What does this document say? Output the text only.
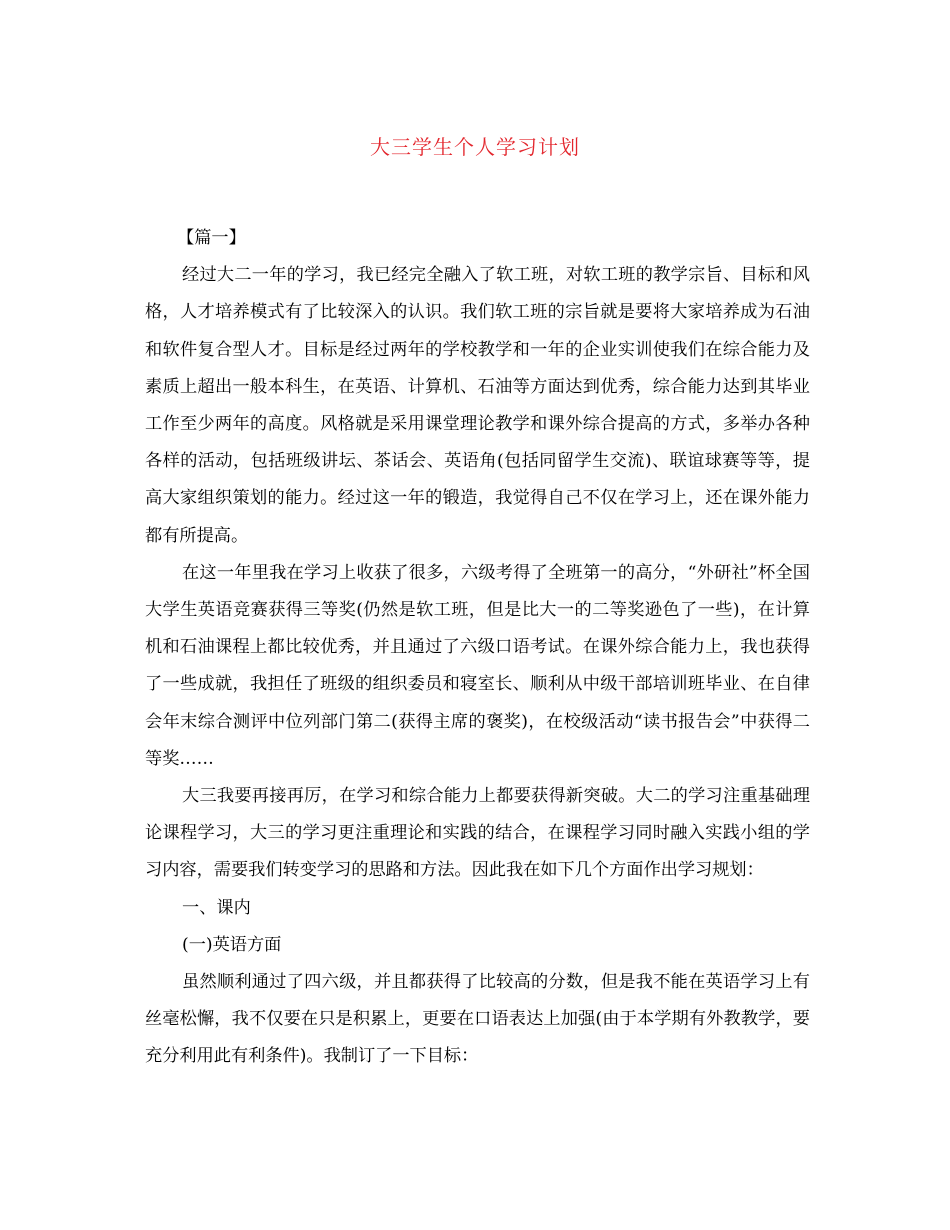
大三学生个人学习计划

【篇一】

经过大二一年的学习，我已经完全融入了软工班，对软工班的教学宗旨、目标和风格，人才培养模式有了比较深入的认识。我们软工班的宗旨就是要将大家培养成为石油和软件复合型人才。目标是经过两年的学校教学和一年的企业实训使我们在综合能力及素质上超出一般本科生，在英语、计算机、石油等方面达到优秀，综合能力达到其毕业工作至少两年的高度。风格就是采用课堂理论教学和课外综合提高的方式，多举办各种各样的活动，包括班级讲坛、茶话会、英语角(包括同留学生交流)、联谊球赛等等，提高大家组织策划的能力。经过这一年的锻造，我觉得自己不仅在学习上，还在课外能力都有所提高。

在这一年里我在学习上收获了很多，六级考得了全班第一的高分，“外研社”杯全国大学生英语竞赛获得三等奖(仍然是软工班，但是比大一的二等奖逊色了一些)，在计算机和石油课程上都比较优秀，并且通过了六级口语考试。在课外综合能力上，我也获得了一些成就，我担任了班级的组织委员和寝室长、顺利从中级干部培训班毕业、在自律会年末综合测评中位列部门第二(获得主席的褒奖)，在校级活动“读书报告会”中获得二等奖……

大三我要再接再厉，在学习和综合能力上都要获得新突破。大二的学习注重基础理论课程学习，大三的学习更注重理论和实践的结合，在课程学习同时融入实践小组的学习内容，需要我们转变学习的思路和方法。因此我在如下几个方面作出学习规划：

一、课内

(一)英语方面

虽然顺利通过了四六级，并且都获得了比较高的分数，但是我不能在英语学习上有丝毫松懈，我不仅要在只是积累上，更要在口语表达上加强(由于本学期有外教教学，要充分利用此有利条件)。我制订了一下目标：
